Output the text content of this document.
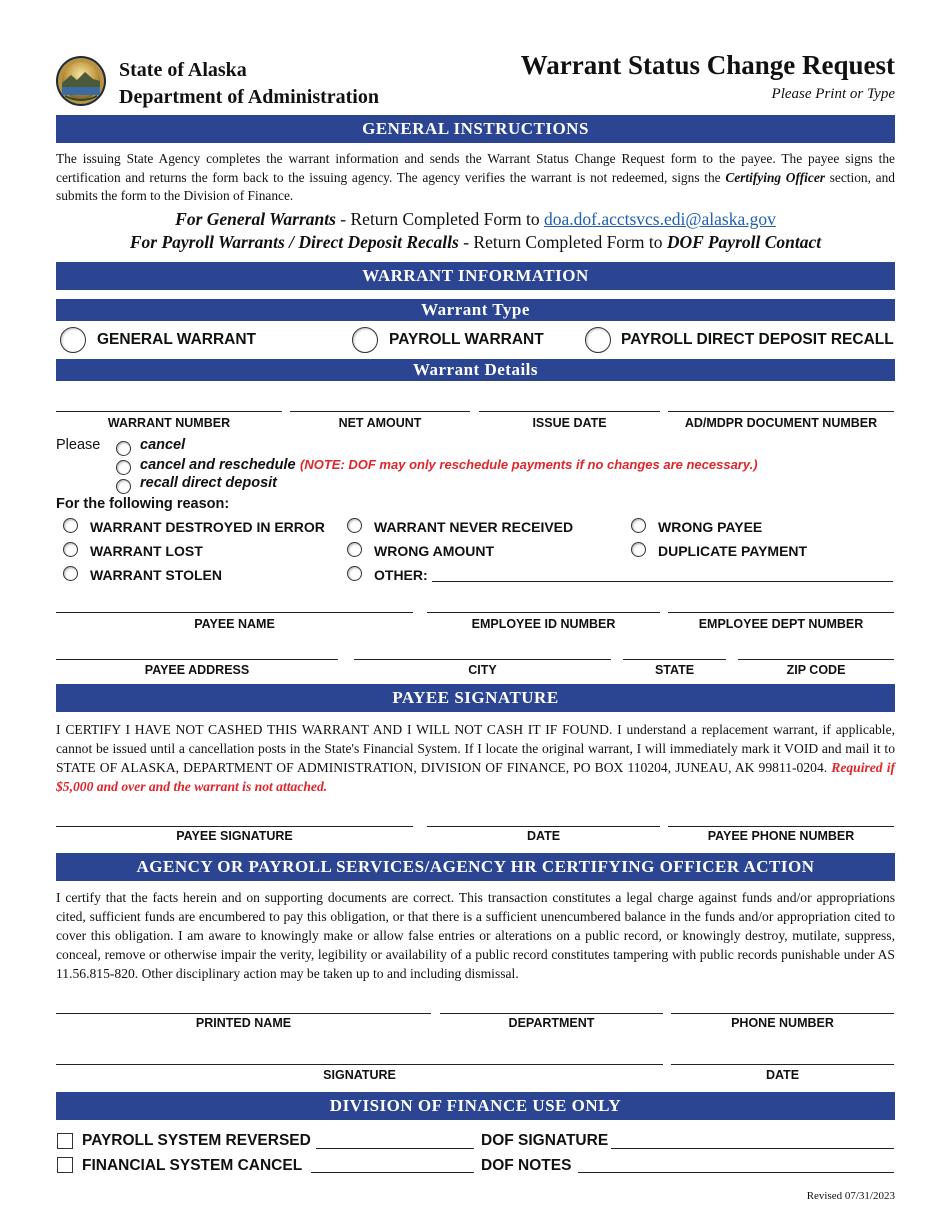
State of Alaska
Department of Administration
Warrant Status Change Request
Please Print or Type
GENERAL INSTRUCTIONS
The issuing State Agency completes the warrant information and sends the Warrant Status Change Request form to the payee. The payee signs the certification and returns the form back to the issuing agency. The agency verifies the warrant is not redeemed, signs the Certifying Officer section, and submits the form to the Division of Finance.
For General Warrants - Return Completed Form to doa.dof.acctsvcs.edi@alaska.gov
For Payroll Warrants / Direct Deposit Recalls - Return Completed Form to DOF Payroll Contact
WARRANT INFORMATION
Warrant Type
GENERAL WARRANT	PAYROLL WARRANT	PAYROLL DIRECT DEPOSIT RECALL
Warrant Details
WARRANT NUMBER	NET AMOUNT	ISSUE DATE	AD/MDPR DOCUMENT NUMBER
Please	cancel
cancel and reschedule (NOTE: DOF may only reschedule payments if no changes are necessary.)
recall direct deposit
For the following reason:
WARRANT DESTROYED IN ERROR
WARRANT LOST
WARRANT STOLEN
WARRANT NEVER RECEIVED
WRONG AMOUNT
OTHER:
WRONG PAYEE
DUPLICATE PAYMENT
PAYEE NAME	EMPLOYEE ID NUMBER	EMPLOYEE DEPT NUMBER
PAYEE ADDRESS	CITY	STATE	ZIP CODE
PAYEE SIGNATURE
I CERTIFY I HAVE NOT CASHED THIS WARRANT AND I WILL NOT CASH IT IF FOUND. I understand a replacement warrant, if applicable, cannot be issued until a cancellation posts in the State's Financial System. If I locate the original warrant, I will immediately mark it VOID and mail it to STATE OF ALASKA, DEPARTMENT OF ADMINISTRATION, DIVISION OF FINANCE, PO BOX 110204, JUNEAU, AK 99811-0204. Required if $5,000 and over and the warrant is not attached.
PAYEE SIGNATURE	DATE	PAYEE PHONE NUMBER
AGENCY OR PAYROLL SERVICES/AGENCY HR CERTIFYING OFFICER ACTION
I certify that the facts herein and on supporting documents are correct. This transaction constitutes a legal charge against funds and/or appropriations cited, sufficient funds are encumbered to pay this obligation, or that there is a sufficient unencumbered balance in the funds and/or appropriation cited to cover this obligation. I am aware to knowingly make or allow false entries or alterations on a public record, or knowingly destroy, mutilate, suppress, conceal, remove or otherwise impair the verity, legibility or availability of a public record constitutes tampering with public records punishable under AS 11.56.815-820. Other disciplinary action may be taken up to and including dismissal.
PRINTED NAME	DEPARTMENT	PHONE NUMBER
SIGNATURE	DATE
DIVISION OF FINANCE USE ONLY
PAYROLL SYSTEM REVERSED	DOF SIGNATURE
FINANCIAL SYSTEM CANCEL	DOF NOTES
Revised 07/31/2023
